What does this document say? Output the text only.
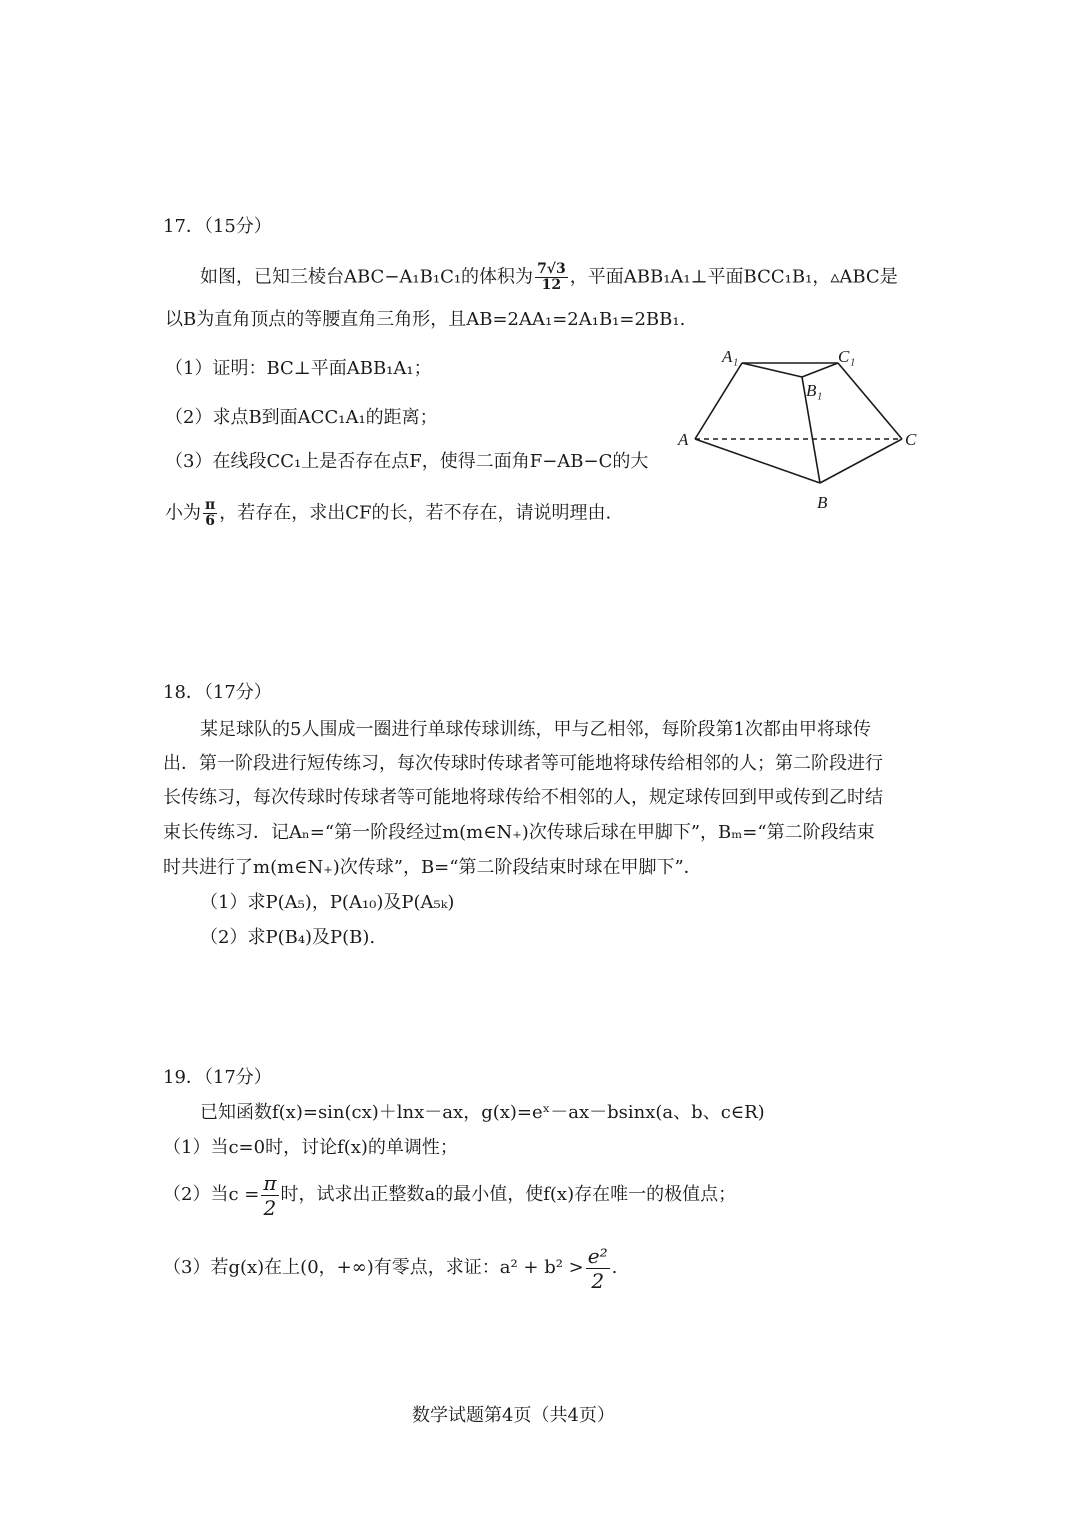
17．（15分）
如图，已知三棱台ABC−A₁B₁C₁的体积为 $\frac{7√3}{12}$ ，平面ABB₁A₁⊥平面BCC₁B₁，▵ABC是
以B为直角顶点的等腰直角三角形，且AB=2AA₁=2A₁B₁=2BB₁.
（1）证明：BC⊥平面ABB₁A₁；
（2）求点B到面ACC₁A₁的距离；
（3）在线段CC₁上是否存在点F，使得二面角F−AB−C的大
小为 $\frac{\pi}{6}$ ，若存在，求出CF的长，若不存在，请说明理由.
A₁	C₁
B₁
A	C
B
18．（17分）
某足球队的5人围成一圈进行单球传球训练，甲与乙相邻，每阶段第1次都由甲将球传
出．第一阶段进行短传练习，每次传球时传球者等可能地将球传给相邻的人；第二阶段进行
长传练习，每次传球时传球者等可能地将球传给不相邻的人，规定球传回到甲或传到乙时结
束长传练习．记Aₙ=“第一阶段经过m(m∈N₊)次传球后球在甲脚下”，Bₘ=“第二阶段结束
时共进行了m(m∈N₊)次传球”，B=“第二阶段结束时球在甲脚下”．
（1）求P(A₅)，P(A₁₀)及P(A₅ₖ)
（2）求P(B₄)及P(B).
19．（17分）
已知函数f(x)=sin(cx)＋lnx－ax，g(x)=eˣ－ax－bsinx(a、b、c∈R)
（1）当c=0时，讨论f(x)的单调性；
（2）当$c = \frac{\pi}{2}$ 时，试求出正整数a的最小值，使f(x)存在唯一的极值点；
（3）若g(x)在上(0，+∞)有零点，求证：$a^2 + b^2 > \frac{\text{e²}}{2}$ .
数学试题第4页（共4页）
